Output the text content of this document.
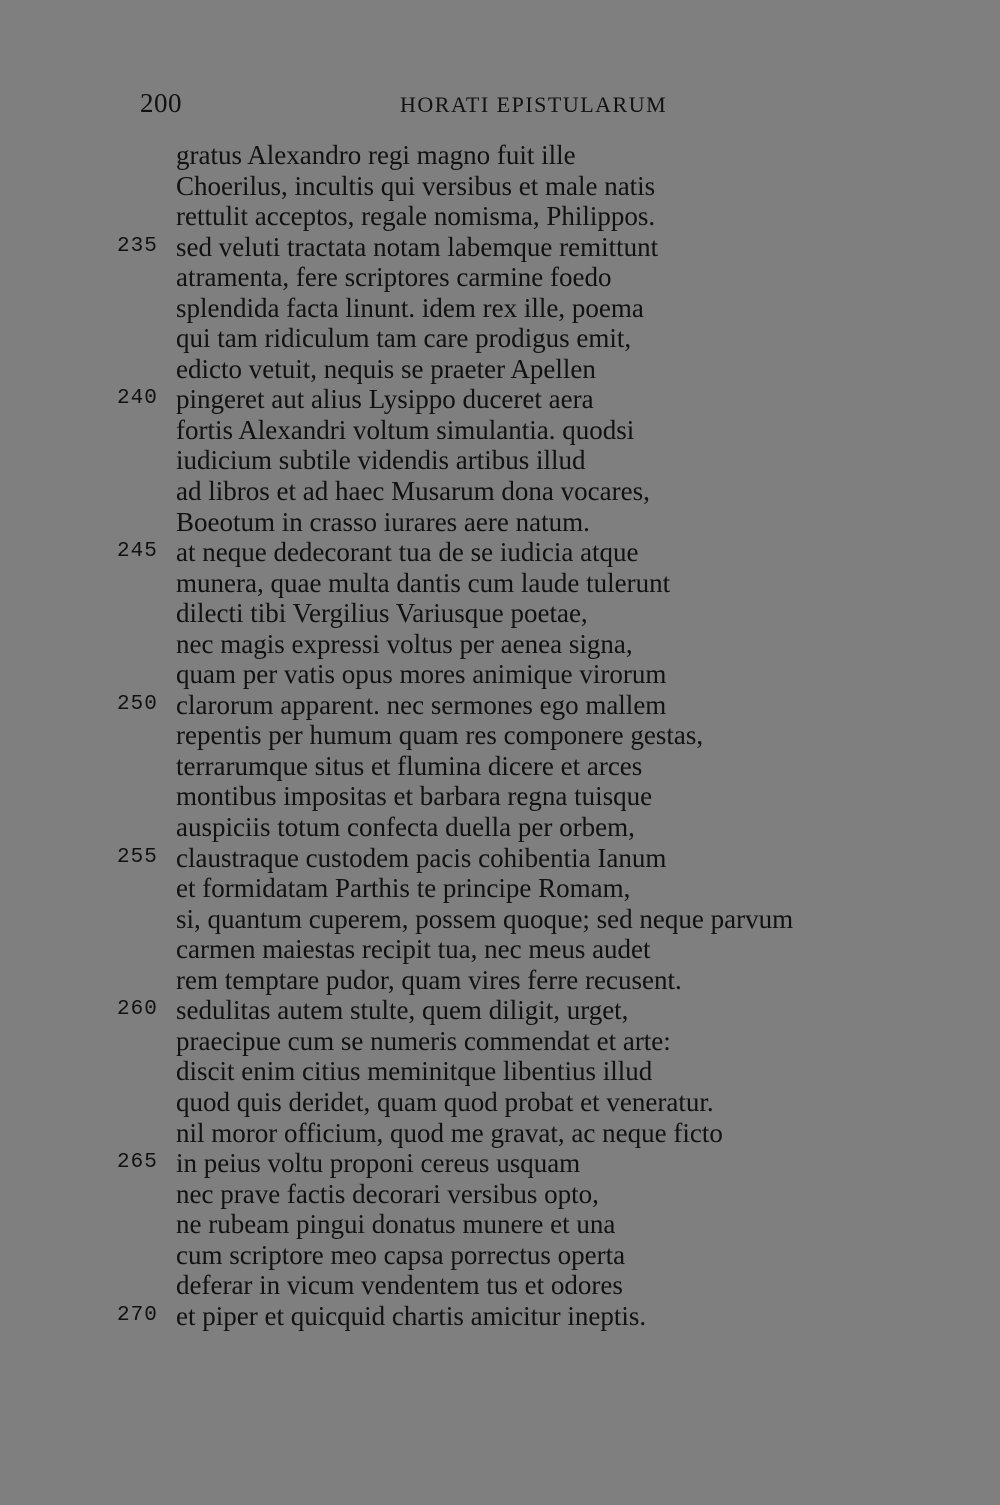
200	HORATI EPISTULARUM
gratus Alexandro regi magno fuit ille
Choerilus, incultis qui versibus et male natis
rettulit acceptos, regale nomisma, Philippos.
235 sed veluti tractata notam labemque remittunt
atramenta, fere scriptores carmine foedo
splendida facta linunt. idem rex ille, poema
qui tam ridiculum tam care prodigus emit,
edicto vetuit, nequis se praeter Apellen
240 pingeret aut alius Lysippo duceret aera
fortis Alexandri voltum simulantia. quodsi
iudicium subtile videndis artibus illud
ad libros et ad haec Musarum dona vocares,
Boeotum in crasso iurares aere natum.
245 at neque dedecorant tua de se iudicia atque
munera, quae multa dantis cum laude tulerunt
dilecti tibi Vergilius Variusque poetae,
nec magis expressi voltus per aenea signa,
quam per vatis opus mores animique virorum
250 clarorum apparent. nec sermones ego mallem
repentis per humum quam res componere gestas,
terrarumque situs et flumina dicere et arces
montibus impositas et barbara regna tuisque
auspiciis totum confecta duella per orbem,
255 claustraque custodem pacis cohibentia Ianum
et formidatam Parthis te principe Romam,
si, quantum cuperem, possem quoque; sed neque parvum
carmen maiestas recipit tua, nec meus audet
rem temptare pudor, quam vires ferre recusent.
260 sedulitas autem stulte, quem diligit, urget,
praecipue cum se numeris commendat et arte:
discit enim citius meminitque libentius illud
quod quis deridet, quam quod probat et veneratur.
nil moror officium, quod me gravat, ac neque ficto
265 in peius voltu proponi cereus usquam
nec prave factis decorari versibus opto,
ne rubeam pingui donatus munere et una
cum scriptore meo capsa porrectus operta
deferar in vicum vendentem tus et odores
270 et piper et quicquid chartis amicitur ineptis.
